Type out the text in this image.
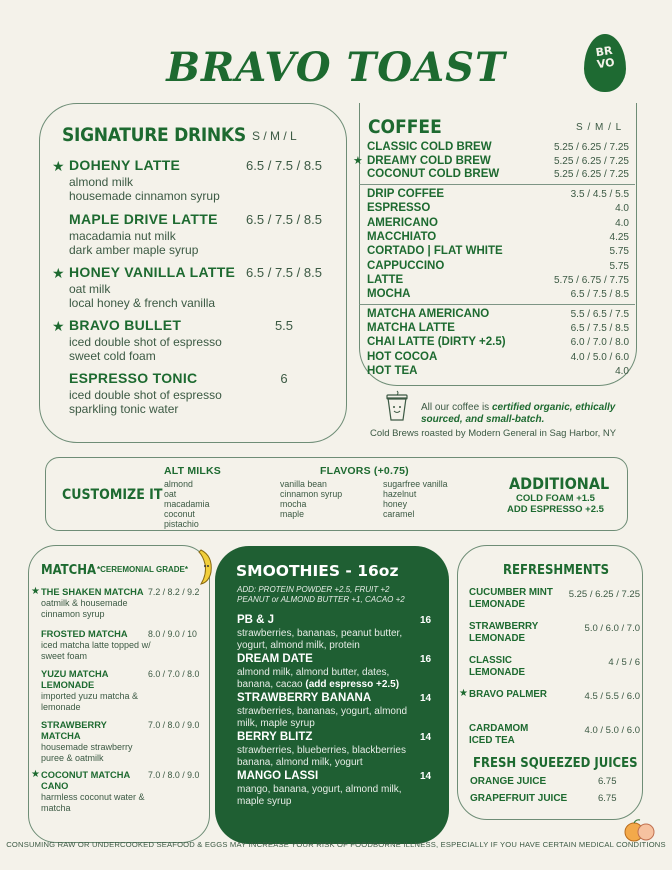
BRAVO TOAST	BR
VO
SIGNATURE DRINKS S / M / L
★ DOHENY LATTE
almond milk
housemade cinnamon syrup
6.5 / 7.5 / 8.5
MAPLE DRIVE LATTE
macadamia nut milk
dark amber maple syrup
6.5 / 7.5 / 8.5
★ HONEY VANILLA LATTE
oat milk
local honey & french vanilla
6.5 / 7.5 / 8.5
★ BRAVO BULLET
iced double shot of espresso
sweet cold foam
5.5
ESPRESSO TONIC
iced double shot of espresso
sparkling tonic water
6
COFFEE	S / M / L
CLASSIC COLD BREW	5.25 / 6.25 / 7.25
★ DREAMY COLD BREW	5.25 / 6.25 / 7.25
COCONUT COLD BREW	5.25 / 6.25 / 7.25
DRIP COFFEE	3.5 / 4.5 / 5.5
ESPRESSO	4.0
AMERICANO	4.0
MACCHIATO	4.25
CORTADO | FLAT WHITE	5.75
CAPPUCCINO	5.75
LATTE	5.75 / 6.75 / 7.75
MOCHA	6.5 / 7.5 / 8.5
MATCHA AMERICANO	5.5 / 6.5 / 7.5
MATCHA LATTE	6.5 / 7.5 / 8.5
CHAI LATTE (DIRTY +2.5)	6.0 / 7.0 / 8.0
HOT COCOA	4.0 / 5.0 / 6.0
HOT TEA	4.0
All our coffee is certified organic, ethically sourced, and small-batch.
Cold Brews roasted by Modern General in Sag Harbor, NY
CUSTOMIZE IT
ALT MILKS
almond
oat
macadamia
coconut
pistachio
FLAVORS (+0.75)
vanilla bean
cinnamon syrup
mocha
maple
sugarfree vanilla
hazelnut
honey
caramel
ADDITIONAL
COLD FOAM +1.5
ADD ESPRESSO +2.5
MATCHA *CEREMONIAL GRADE*
★ THE SHAKEN MATCHA
oatmilk & housemade cinnamon syrup
7.2 / 8.2 / 9.2
FROSTED MATCHA
iced matcha latte topped w/ sweet foam
8.0 / 9.0 / 10
YUZU MATCHA LEMONADE
imported yuzu matcha & lemonade
6.0 / 7.0 / 8.0
STRAWBERRY MATCHA
housemade strawberry puree & oatmilk
7.0 / 8.0 / 9.0
★ COCONUT MATCHA CANO
harmless coconut water & matcha
7.0 / 8.0 / 9.0
SMOOTHIES - 16oz
ADD: PROTEIN POWDER +2.5, FRUIT +2
PEANUT or ALMOND BUTTER +1, CACAO +2
PB & J	16
strawberries, bananas, peanut butter, yogurt, almond milk, protein
DREAM DATE	16
almond milk, almond butter, dates, banana, cacao (add espresso +2.5)
STRAWBERRY BANANA	14
strawberries, bananas, yogurt, almond milk, maple syrup
BERRY BLITZ	14
strawberries, blueberries, blackberries banana, almond milk, yogurt
MANGO LASSI	14
mango, banana, yogurt, almond milk, maple syrup
REFRESHMENTS
CUCUMBER MINT LEMONADE
5.25 / 6.25 / 7.25
STRAWBERRY LEMONADE
5.0 / 6.0 / 7.0
CLASSIC LEMONADE
4 / 5 / 6
★ BRAVO PALMER	4.5 / 5.5 / 6.0
CARDAMOM ICED TEA
4.0 / 5.0 / 6.0
FRESH SQUEEZED JUICES
ORANGE JUICE	6.75
GRAPEFRUIT JUICE	6.75
CONSUMING RAW OR UNDERCOOKED SEAFOOD & EGGS MAY INCREASE YOUR RISK OF FOODBORNE ILLNESS, ESPECIALLY IF YOU HAVE CERTAIN MEDICAL CONDITIONS
